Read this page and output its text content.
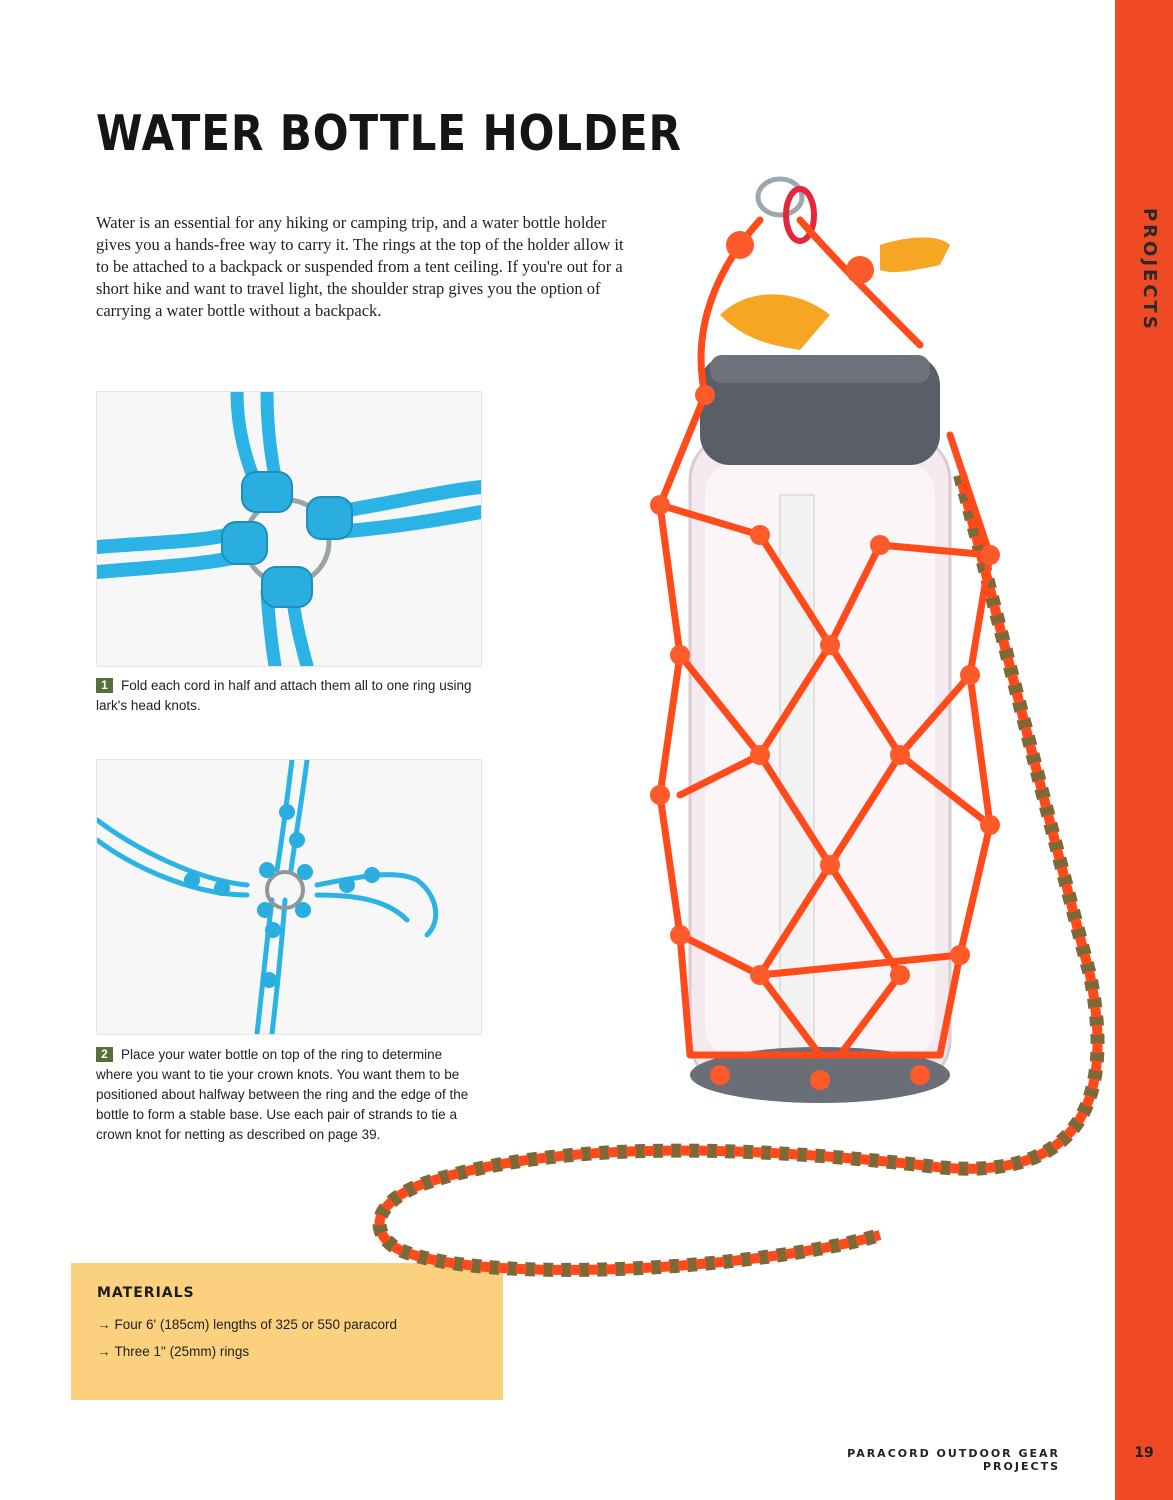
PROJECTS
WATER BOTTLE HOLDER

Water is an essential for any hiking or camping trip, and a water bottle holder gives you a hands-free way to carry it. The rings at the top of the holder allow it to be attached to a backpack or suspended from a tent ceiling. If you're out for a short hike and want to travel light, the shoulder strap gives you the option of carrying a water bottle without a backpack.

1 Fold each cord in half and attach them all to one ring using lark's head knots.

2 Place your water bottle on top of the ring to determine where you want to tie your crown knots. You want them to be positioned about halfway between the ring and the edge of the bottle to form a stable base. Use each pair of strands to tie a crown knot for netting as described on page 39.

MATERIALS

→ Four 6' (185cm) lengths of 325 or 550 paracord
→ Three 1" (25mm) rings
PARACORD OUTDOOR GEAR PROJECTS
19
